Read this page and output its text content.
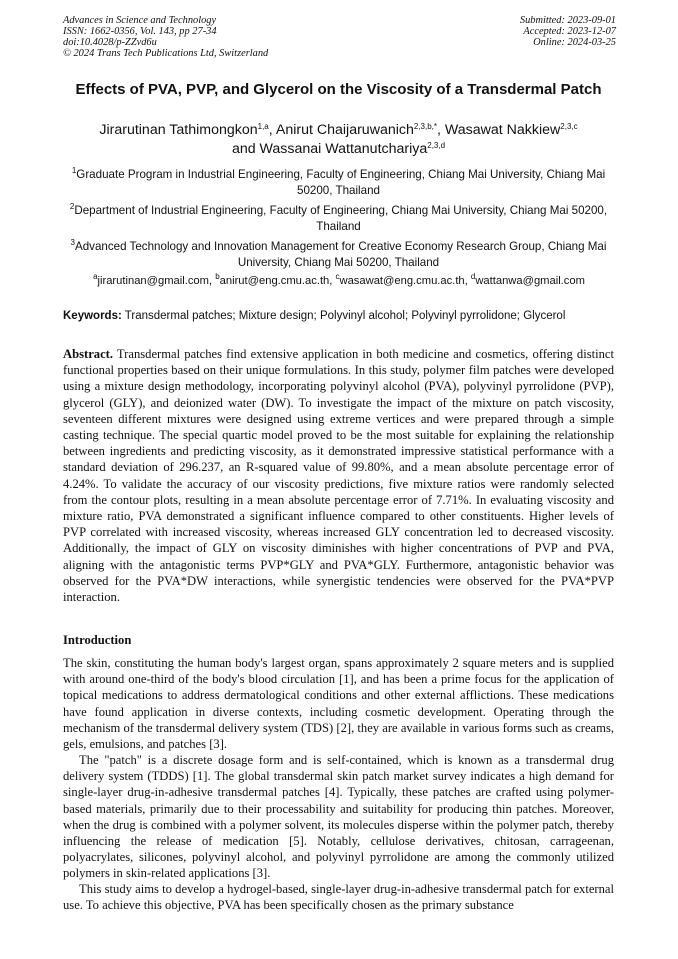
Advances in Science and Technology
ISSN: 1662-0356, Vol. 143, pp 27-34
doi:10.4028/p-ZZvd6u
© 2024 Trans Tech Publications Ltd, Switzerland
Submitted: 2023-09-01
Accepted: 2023-12-07
Online: 2024-03-25
Effects of PVA, PVP, and Glycerol on the Viscosity of a Transdermal Patch
Jirarutinan Tathimongkon$^{1,a}$, Anirut Chaijaruwanich$^{2,3,b,*}$, Wasawat Nakkiew$^{2,3,c}$ and Wassanai Wattanutchariya$^{2,3,d}$
$^1$Graduate Program in Industrial Engineering, Faculty of Engineering, Chiang Mai University, Chiang Mai 50200, Thailand
$^2$Department of Industrial Engineering, Faculty of Engineering, Chiang Mai University, Chiang Mai 50200, Thailand
$^3$Advanced Technology and Innovation Management for Creative Economy Research Group, Chiang Mai University, Chiang Mai 50200, Thailand
$^a$jirarutinan@gmail.com, $^b$anirut@eng.cmu.ac.th, $^c$wasawat@eng.cmu.ac.th, $^d$wattanwa@gmail.com
Keywords: Transdermal patches; Mixture design; Polyvinyl alcohol; Polyvinyl pyrrolidone; Glycerol
Abstract. Transdermal patches find extensive application in both medicine and cosmetics, offering distinct functional properties based on their unique formulations. In this study, polymer film patches were developed using a mixture design methodology, incorporating polyvinyl alcohol (PVA), polyvinyl pyrrolidone (PVP), glycerol (GLY), and deionized water (DW). To investigate the impact of the mixture on patch viscosity, seventeen different mixtures were designed using extreme vertices and were prepared through a simple casting technique. The special quartic model proved to be the most suitable for explaining the relationship between ingredients and predicting viscosity, as it demonstrated impressive statistical performance with a standard deviation of 296.237, an R-squared value of 99.80%, and a mean absolute percentage error of 4.24%. To validate the accuracy of our viscosity predictions, five mixture ratios were randomly selected from the contour plots, resulting in a mean absolute percentage error of 7.71%. In evaluating viscosity and mixture ratio, PVA demonstrated a significant influence compared to other constituents. Higher levels of PVP correlated with increased viscosity, whereas increased GLY concentration led to decreased viscosity. Additionally, the impact of GLY on viscosity diminishes with higher concentrations of PVP and PVA, aligning with the antagonistic terms PVP*GLY and PVA*GLY. Furthermore, antagonistic behavior was observed for the PVA*DW interactions, while synergistic tendencies were observed for the PVA*PVP interaction.
Introduction
The skin, constituting the human body's largest organ, spans approximately 2 square meters and is supplied with around one-third of the body's blood circulation [1], and has been a prime focus for the application of topical medications to address dermatological conditions and other external afflictions. These medications have found application in diverse contexts, including cosmetic development. Operating through the mechanism of the transdermal delivery system (TDS) [2], they are available in various forms such as creams, gels, emulsions, and patches [3].
The "patch" is a discrete dosage form and is self-contained, which is known as a transdermal drug delivery system (TDDS) [1]. The global transdermal skin patch market survey indicates a high demand for single-layer drug-in-adhesive transdermal patches [4]. Typically, these patches are crafted using polymer-based materials, primarily due to their processability and suitability for producing thin patches. Moreover, when the drug is combined with a polymer solvent, its molecules disperse within the polymer patch, thereby influencing the release of medication [5]. Notably, cellulose derivatives, chitosan, carrageenan, polyacrylates, silicones, polyvinyl alcohol, and polyvinyl pyrrolidone are among the commonly utilized polymers in skin-related applications [3].
This study aims to develop a hydrogel-based, single-layer drug-in-adhesive transdermal patch for external use. To achieve this objective, PVA has been specifically chosen as the primary substance
